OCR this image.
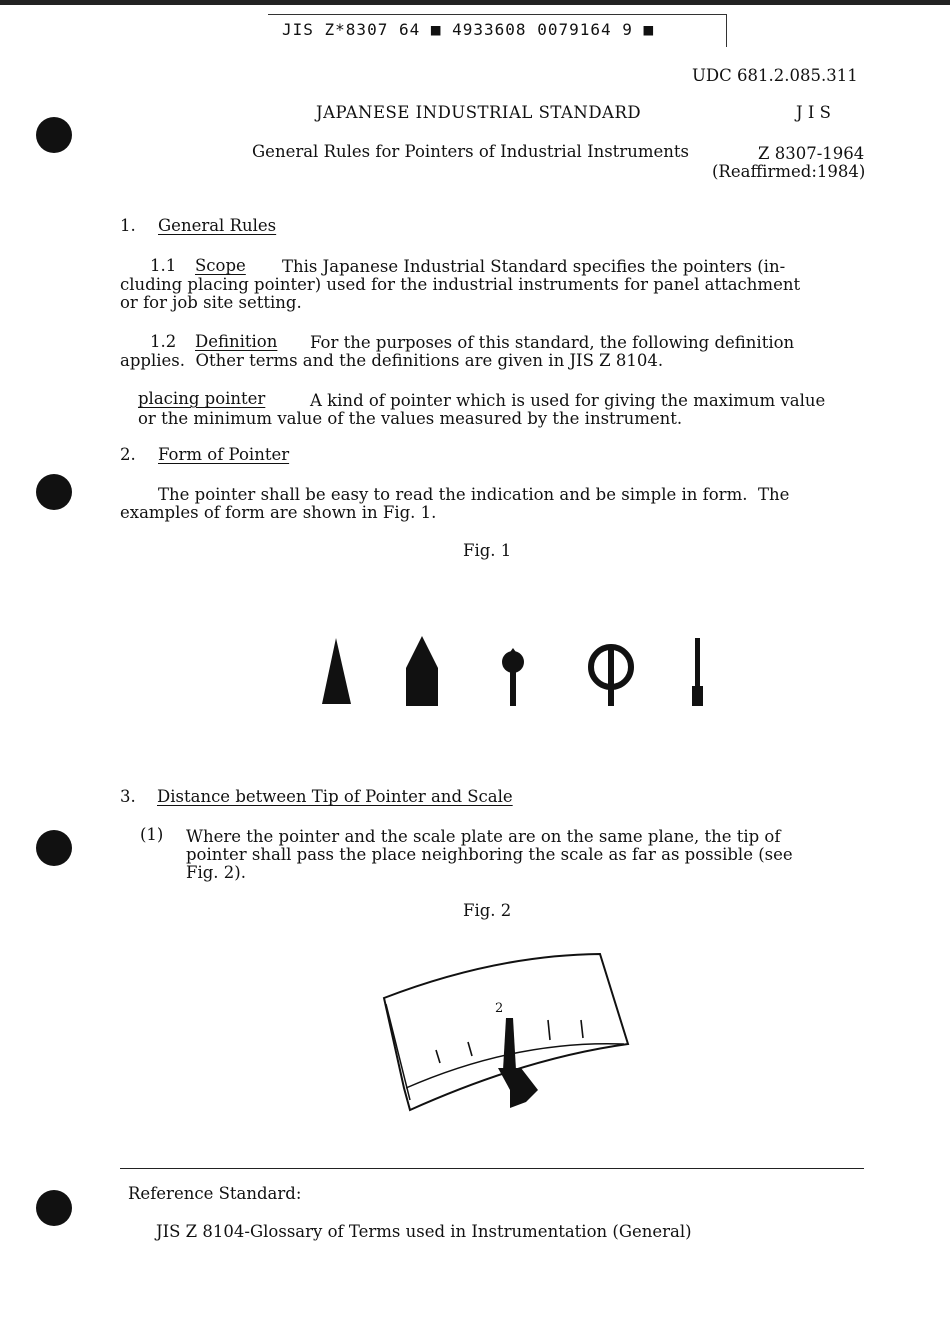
JIS Z*8307 64 ■ 4933608 0079164 9 ■
UDC 681.2.085.311
JAPANESE INDUSTRIAL STANDARD	J I S
General Rules for Pointers of Industrial Instruments	Z 8307-1964
(Reaffirmed:1984)
1. General Rules
1.1 Scope This Japanese Industrial Standard specifies the pointers (in-
cluding placing pointer) used for the industrial instruments for panel attachment
or for job site setting.
1.2 Definition For the purposes of this standard, the following definition
applies.  Other terms and the definitions are given in JIS Z 8104.
placing pointer	A kind of pointer which is used for giving the maximum value
or the minimum value of the values measured by the instrument.
2. Form of Pointer
The pointer shall be easy to read the indication and be simple in form.  The
examples of form are shown in Fig. 1.
Fig. 1
3. Distance between Tip of Pointer and Scale
(1) Where the pointer and the scale plate are on the same plane, the tip of
pointer shall pass the place neighboring the scale as far as possible (see
Fig. 2).
Fig. 2
2
Reference Standard:
JIS Z 8104-Glossary of Terms used in Instrumentation (General)
